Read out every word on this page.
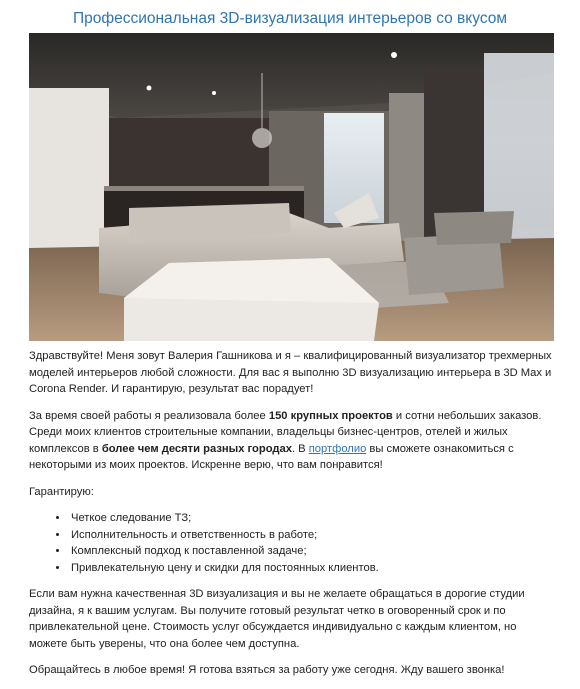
Профессиональная 3D-визуализация интерьеров со вкусом

Здравствуйте! Меня зовут Валерия Гашникова и я – квалифицированный визуализатор трехмерных моделей интерьеров любой сложности. Для вас я выполню 3D визуализацию интерьера в 3D Max и Corona Render. И гарантирую, результат вас порадует!

За время своей работы я реализовала более 150 крупных проектов и сотни небольших заказов. Среди моих клиентов строительные компании, владельцы бизнес-центров, отелей и жилых комплексов в более чем десяти разных городах. В портфолио вы сможете ознакомиться с некоторыми из моих проектов. Искренне верю, что вам понравится!

Гарантирую:

• Четкое следование ТЗ;
• Исполнительность и ответственность в работе;
• Комплексный подход к поставленной задаче;
• Привлекательную цену и скидки для постоянных клиентов.

Если вам нужна качественная 3D визуализация и вы не желаете обращаться в дорогие студии дизайна, я к вашим услугам. Вы получите готовый результат четко в оговоренный срок и по привлекательной цене. Стоимость услуг обсуждается индивидуально с каждым клиентом, но можете быть уверены, что она более чем доступна.

Обращайтесь в любое время! Я готова взяться за работу уже сегодня. Жду вашего звонка!
